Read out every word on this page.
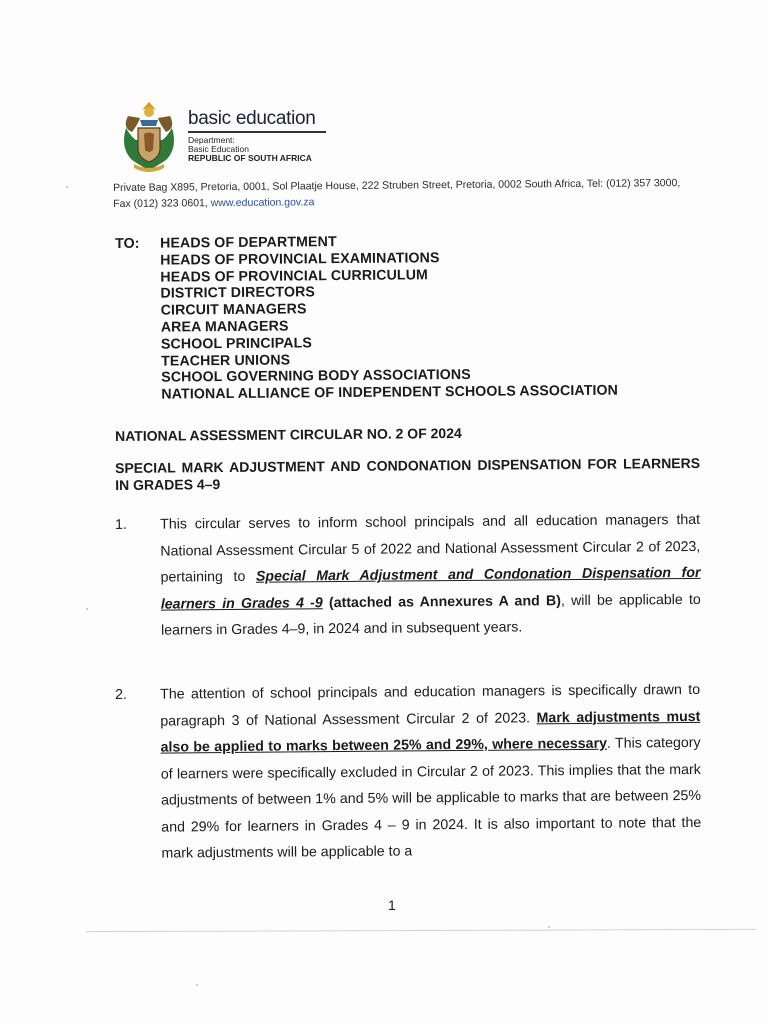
basic education
Department:
Basic Education
REPUBLIC OF SOUTH AFRICA
Private Bag X895, Pretoria, 0001, Sol Plaatje House, 222 Struben Street, Pretoria, 0002 South Africa, Tel: (012) 357 3000,
Fax (012) 323 0601, www.education.gov.za
TO: HEADS OF DEPARTMENT
HEADS OF PROVINCIAL EXAMINATIONS
HEADS OF PROVINCIAL CURRICULUM
DISTRICT DIRECTORS
CIRCUIT MANAGERS
AREA MANAGERS
SCHOOL PRINCIPALS
TEACHER UNIONS
SCHOOL GOVERNING BODY ASSOCIATIONS
NATIONAL ALLIANCE OF INDEPENDENT SCHOOLS ASSOCIATION
NATIONAL ASSESSMENT CIRCULAR NO. 2 OF 2024
SPECIAL MARK ADJUSTMENT AND CONDONATION DISPENSATION FOR LEARNERS IN GRADES 4–9
1.	This circular serves to inform school principals and all education managers that National Assessment Circular 5 of 2022 and National Assessment Circular 2 of 2023, pertaining to Special Mark Adjustment and Condonation Dispensation for learners in Grades 4 -9 (attached as Annexures A and B), will be applicable to learners in Grades 4–9, in 2024 and in subsequent years.
2.	The attention of school principals and education managers is specifically drawn to paragraph 3 of National Assessment Circular 2 of 2023. Mark adjustments must also be applied to marks between 25% and 29%, where necessary. This category of learners were specifically excluded in Circular 2 of 2023. This implies that the mark adjustments of between 1% and 5% will be applicable to marks that are between 25% and 29% for learners in Grades 4 – 9 in 2024. It is also important to note that the mark adjustments will be applicable to a
1
